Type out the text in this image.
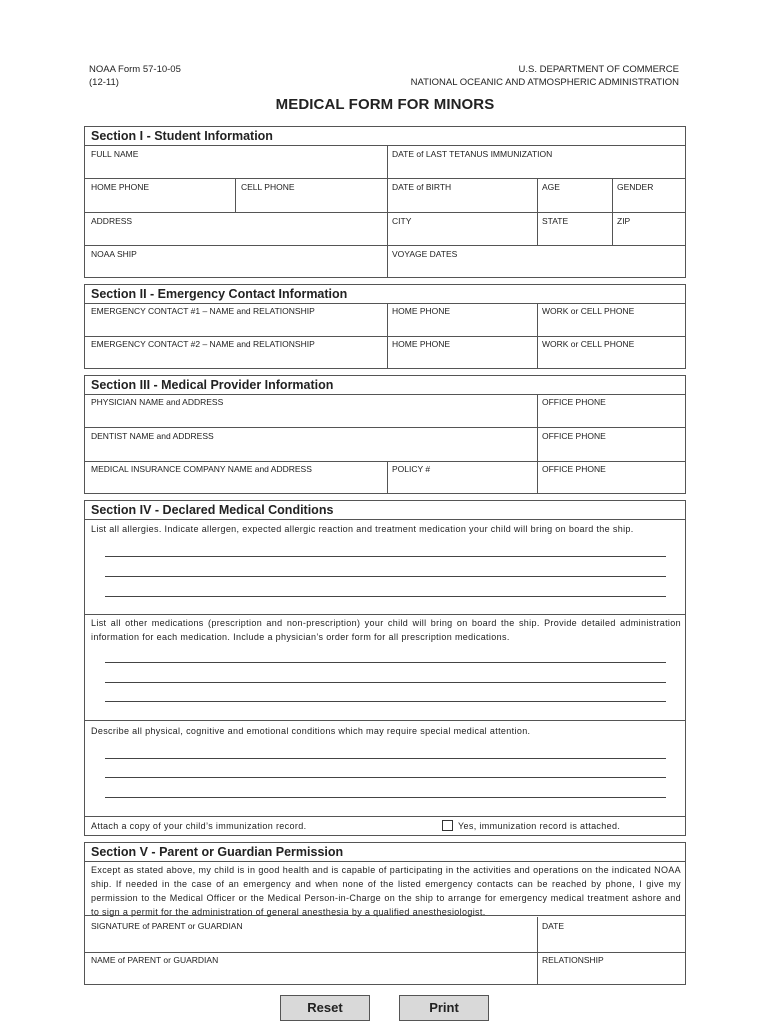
NOAA Form 57-10-05
(12-11)
U.S. DEPARTMENT OF COMMERCE
NATIONAL OCEANIC AND ATMOSPHERIC ADMINISTRATION
MEDICAL FORM FOR MINORS
Section I - Student Information
FULL NAME	DATE of LAST TETANUS IMMUNIZATION
HOME PHONE	CELL PHONE	DATE of BIRTH	AGE	GENDER
ADDRESS	CITY	STATE	ZIP
NOAA SHIP	VOYAGE DATES
Section II - Emergency Contact Information
EMERGENCY CONTACT #1 – NAME and RELATIONSHIP	HOME PHONE	WORK or CELL PHONE
EMERGENCY CONTACT #2 – NAME and RELATIONSHIP	HOME PHONE	WORK or CELL PHONE
Section III - Medical Provider Information
PHYSICIAN NAME and ADDRESS	OFFICE PHONE
DENTIST NAME and ADDRESS	OFFICE PHONE
MEDICAL INSURANCE COMPANY NAME and ADDRESS	POLICY #	OFFICE PHONE
Section IV - Declared Medical Conditions
List all allergies. Indicate allergen, expected allergic reaction and treatment medication your child will bring on board the ship.
List all other medications (prescription and non-prescription) your child will bring on board the ship. Provide detailed administration information for each medication. Include a physician’s order form for all prescription medications.
Describe all physical, cognitive and emotional conditions which may require special medical attention.
Attach a copy of your child’s immunization record.	Yes, immunization record is attached.
Section V - Parent or Guardian Permission
Except as stated above, my child is in good health and is capable of participating in the activities and operations on the indicated NOAA ship. If needed in the case of an emergency and when none of the listed emergency contacts can be reached by phone, I give my permission to the Medical Officer or the Medical Person-in-Charge on the ship to arrange for emergency medical treatment ashore and to sign a permit for the administration of general anesthesia by a qualified anesthesiologist.
SIGNATURE of PARENT or GUARDIAN	DATE
NAME of PARENT or GUARDIAN	RELATIONSHIP
Reset	Print
